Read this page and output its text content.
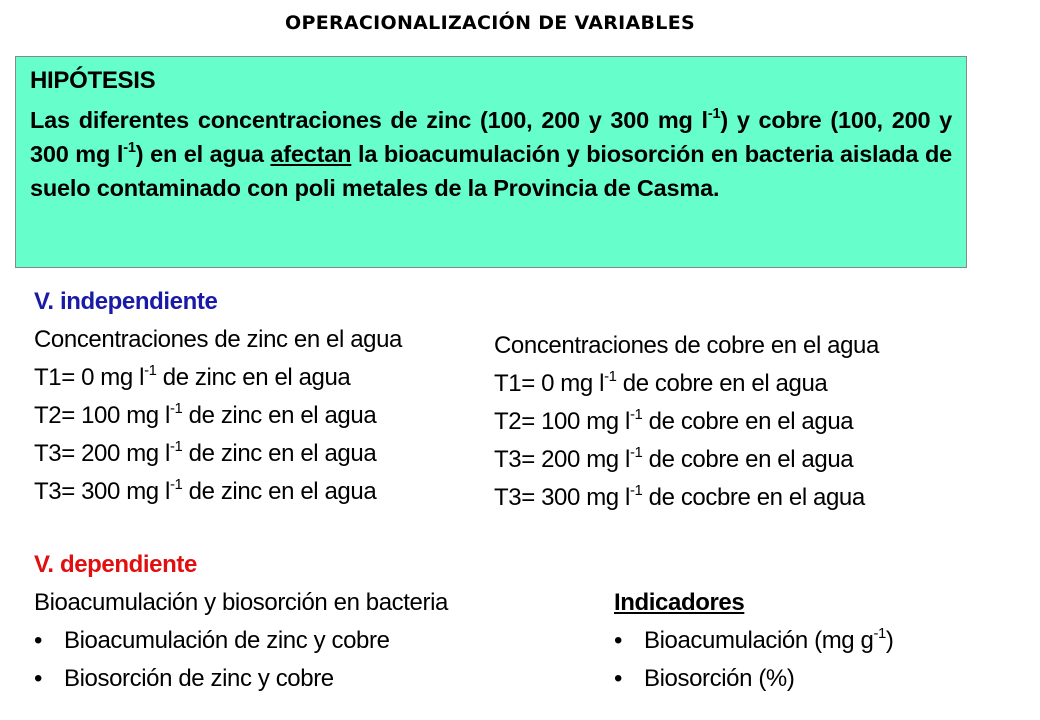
OPERACIONALIZACIÓN DE VARIABLES

HIPÓTESIS

Las diferentes concentraciones de zinc (100, 200 y 300 mg $l^{-1}$) y cobre (100, 200 y 300 mg $l^{-1}$) en el agua afectan la bioacumulación y biosorción en bacteria aislada de suelo contaminado con poli metales de la Provincia de Casma.

V. independiente
Concentraciones de zinc en el agua
T1= 0 mg $l^{-1}$ de zinc en el agua
T2= 100 mg $l^{-1}$ de zinc en el agua
T3= 200 mg $l^{-1}$ de zinc en el agua
T3= 300 mg $l^{-1}$ de zinc en el agua
Concentraciones de cobre en el agua
T1= 0 mg $l^{-1}$ de cobre en el agua
T2= 100 mg $l^{-1}$ de cobre en el agua
T3= 200 mg $l^{-1}$ de cobre en el agua
T3= 300 mg $l^{-1}$ de cocbre en el agua
V. dependiente
Bioacumulación y biosorción en bacteria
• Bioacumulación de zinc y cobre
• Biosorción de zinc y cobre
Indicadores
• Bioacumulación (mg $g^{-1}$)
• Biosorción (%)
